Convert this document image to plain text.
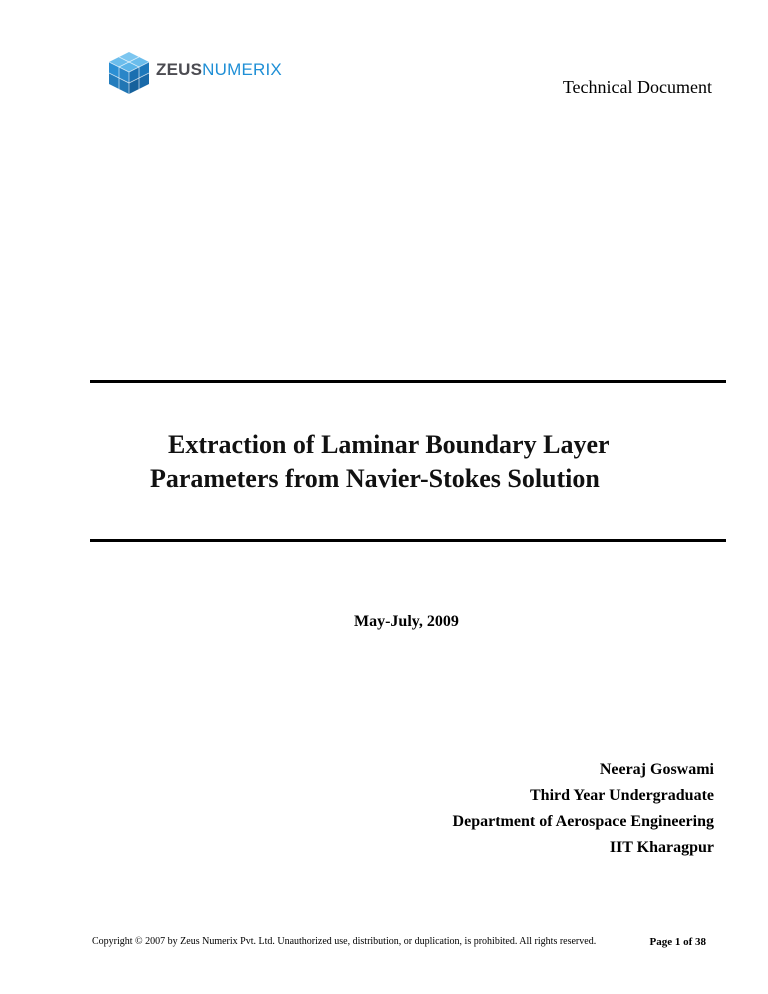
ZEUSNUMERIX
Technical Document
Extraction of Laminar Boundary Layer
Parameters from Navier-Stokes Solution
May-July, 2009
Neeraj Goswami
Third Year Undergraduate
Department of Aerospace Engineering
IIT Kharagpur
Copyright © 2007 by Zeus Numerix Pvt. Ltd. Unauthorized use, distribution, or duplication, is prohibited. All rights reserved.	Page 1 of 38
